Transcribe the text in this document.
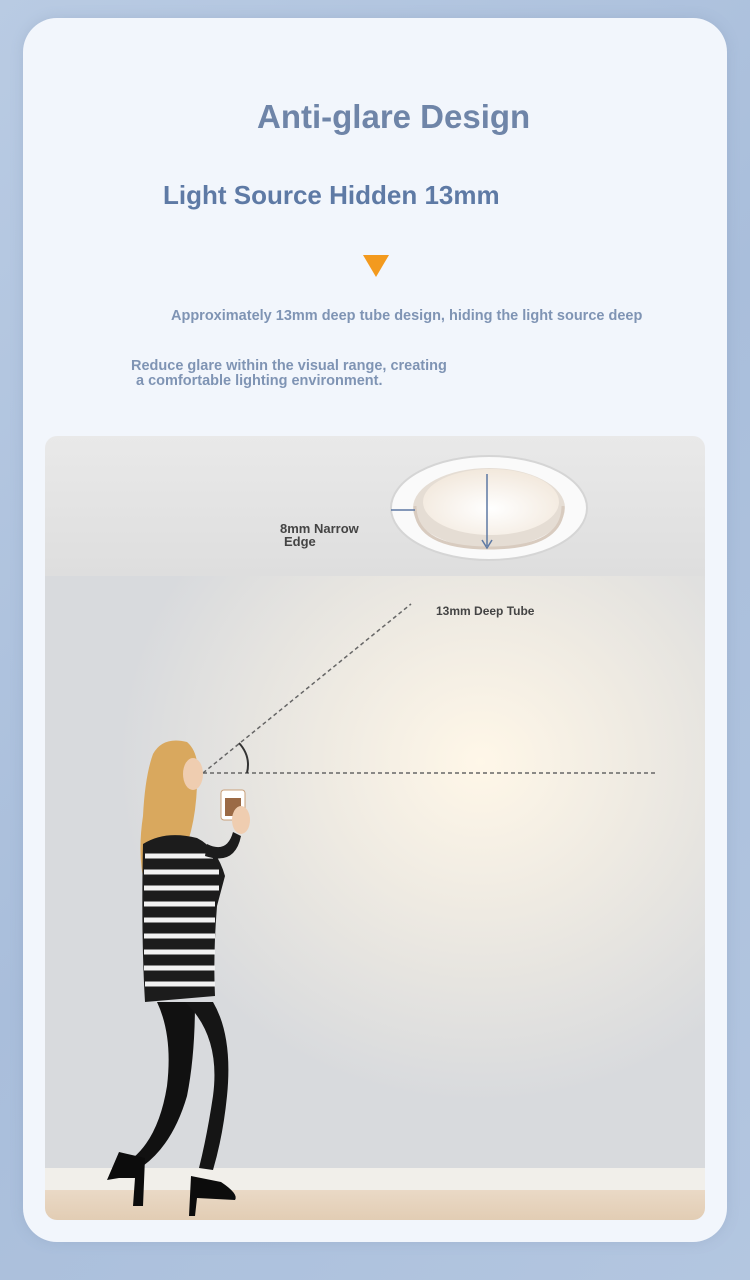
Anti-glare Design
Light Source Hidden 13mm
Approximately 13mm deep tube design, hiding the light source deep
Reduce glare within the visual range, creating
a comfortable lighting environment.
8mm Narrow
Edge
13mm Deep Tube
